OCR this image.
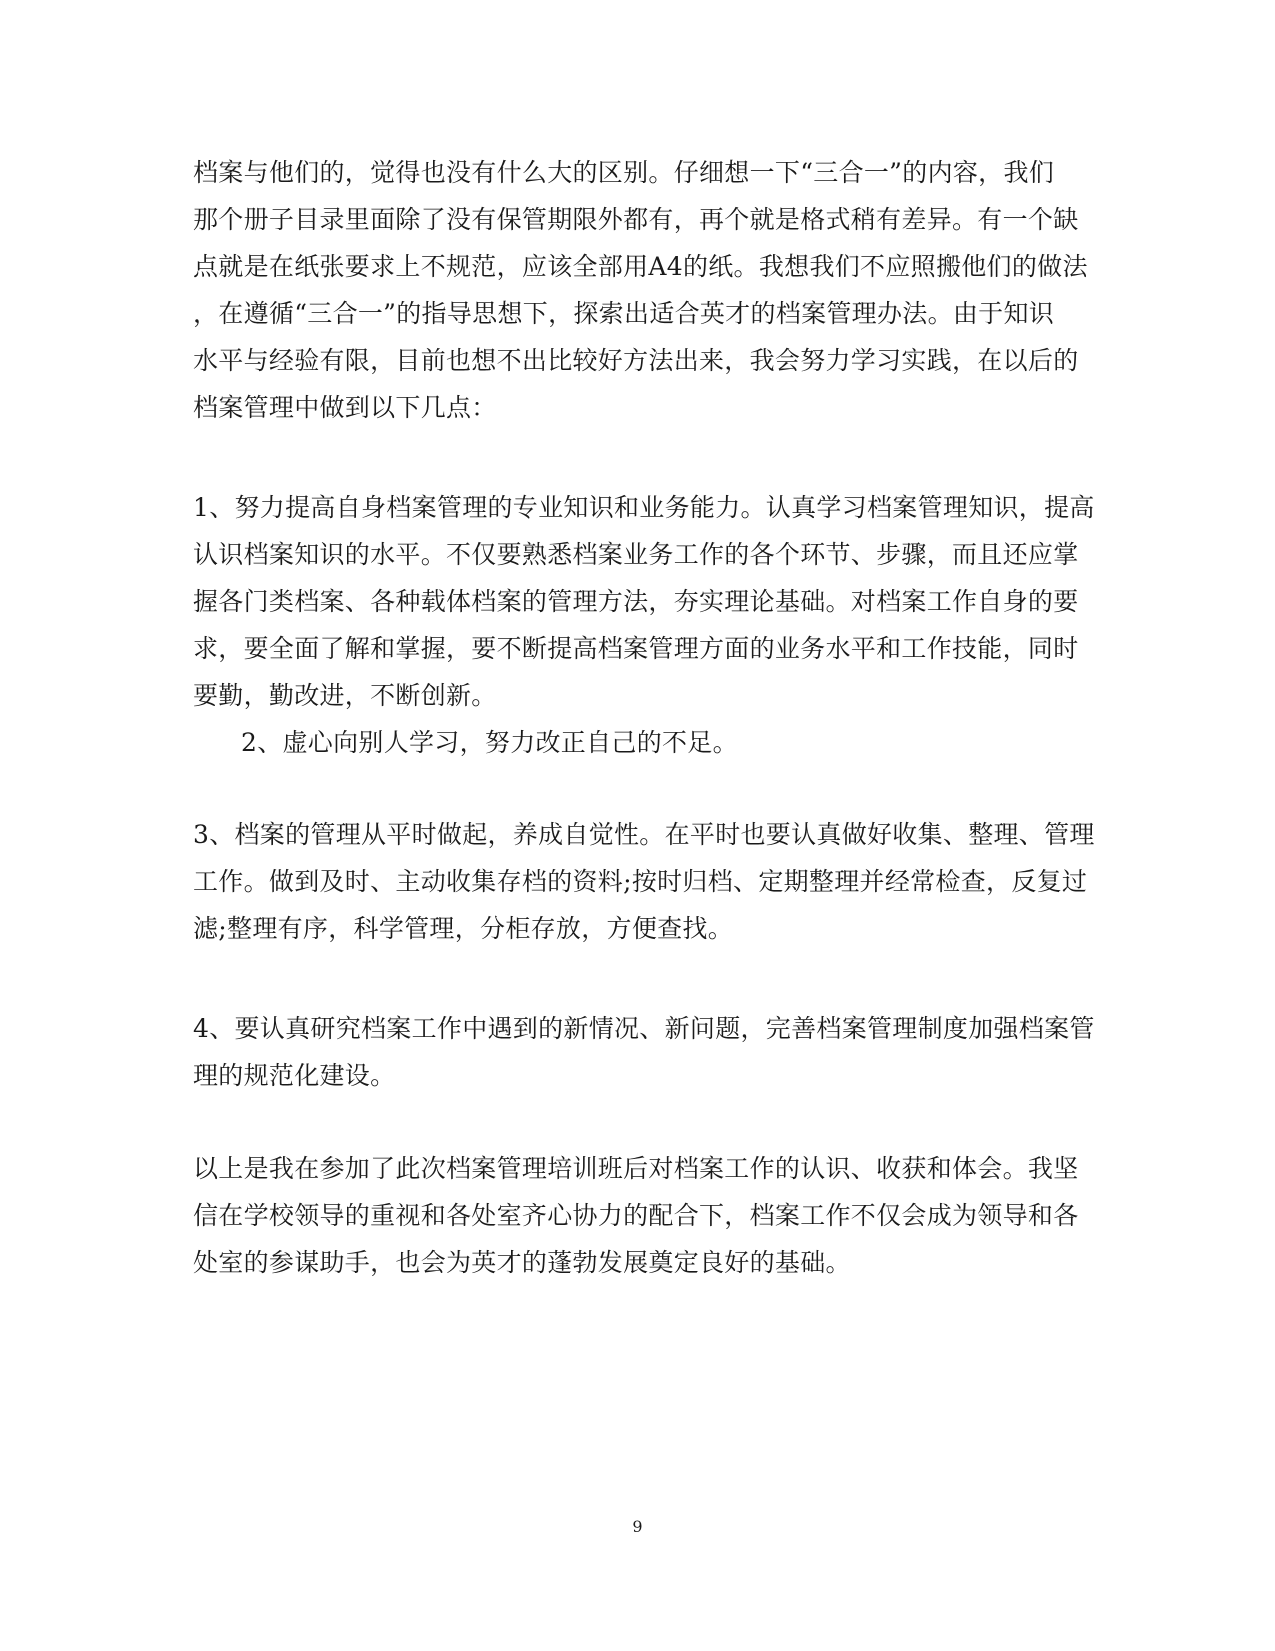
档案与他们的，觉得也没有什么大的区别。仔细想一下“三合一”的内容，我们
那个册子目录里面除了没有保管期限外都有，再个就是格式稍有差异。有一个缺
点就是在纸张要求上不规范，应该全部用A4的纸。我想我们不应照搬他们的做法
，在遵循“三合一”的指导思想下，探索出适合英才的档案管理办法。由于知识
水平与经验有限，目前也想不出比较好方法出来，我会努力学习实践，在以后的
档案管理中做到以下几点：
1、努力提高自身档案管理的专业知识和业务能力。认真学习档案管理知识，提高
认识档案知识的水平。不仅要熟悉档案业务工作的各个环节、步骤，而且还应掌
握各门类档案、各种载体档案的管理方法，夯实理论基础。对档案工作自身的要
求，要全面了解和掌握，要不断提高档案管理方面的业务水平和工作技能，同时
要勤，勤改进，不断创新。
2、虚心向别人学习，努力改正自己的不足。
3、档案的管理从平时做起，养成自觉性。在平时也要认真做好收集、整理、管理
工作。做到及时、主动收集存档的资料;按时归档、定期整理并经常检查，反复过
滤;整理有序，科学管理，分柜存放，方便查找。
4、要认真研究档案工作中遇到的新情况、新问题，完善档案管理制度加强档案管
理的规范化建设。
以上是我在参加了此次档案管理培训班后对档案工作的认识、收获和体会。我坚
信在学校领导的重视和各处室齐心协力的配合下，档案工作不仅会成为领导和各
处室的参谋助手，也会为英才的蓬勃发展奠定良好的基础。
9
